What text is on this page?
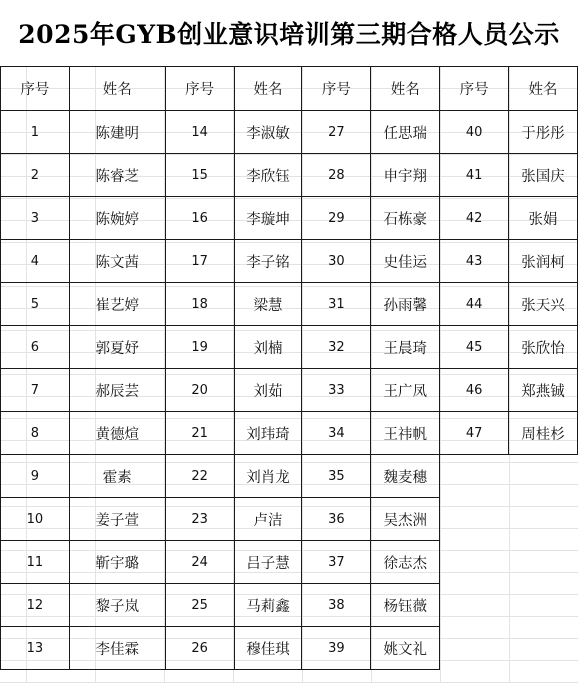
2025年GYB创业意识培训第三期合格人员公示
序号	姓名	序号	姓名	序号	姓名	序号	姓名
1	陈建明	14	李淑敏	27	任思瑞	40	于彤彤
2	陈睿芝	15	李欣钰	28	申宇翔	41	张国庆
3	陈婉婷	16	李璇坤	29	石栋豪	42	张娟
4	陈文茜	17	李子铭	30	史佳运	43	张润柯
5	崔艺婷	18	梁慧	31	孙雨馨	44	张天兴
6	郭夏妤	19	刘楠	32	王晨琦	45	张欣怡
7	郝辰芸	20	刘茹	33	王广凤	46	郑燕铖
8	黄德煊	21	刘玮琦	34	王祎帆	47	周桂杉
9	霍素	22	刘肖龙	35	魏麦穗		
10	姜子萱	23	卢洁	36	吴杰洲		
11	靳宇璐	24	吕子慧	37	徐志杰		
12	黎子岚	25	马莉鑫	38	杨钰薇		
13	李佳霖	26	穆佳琪	39	姚文礼		
